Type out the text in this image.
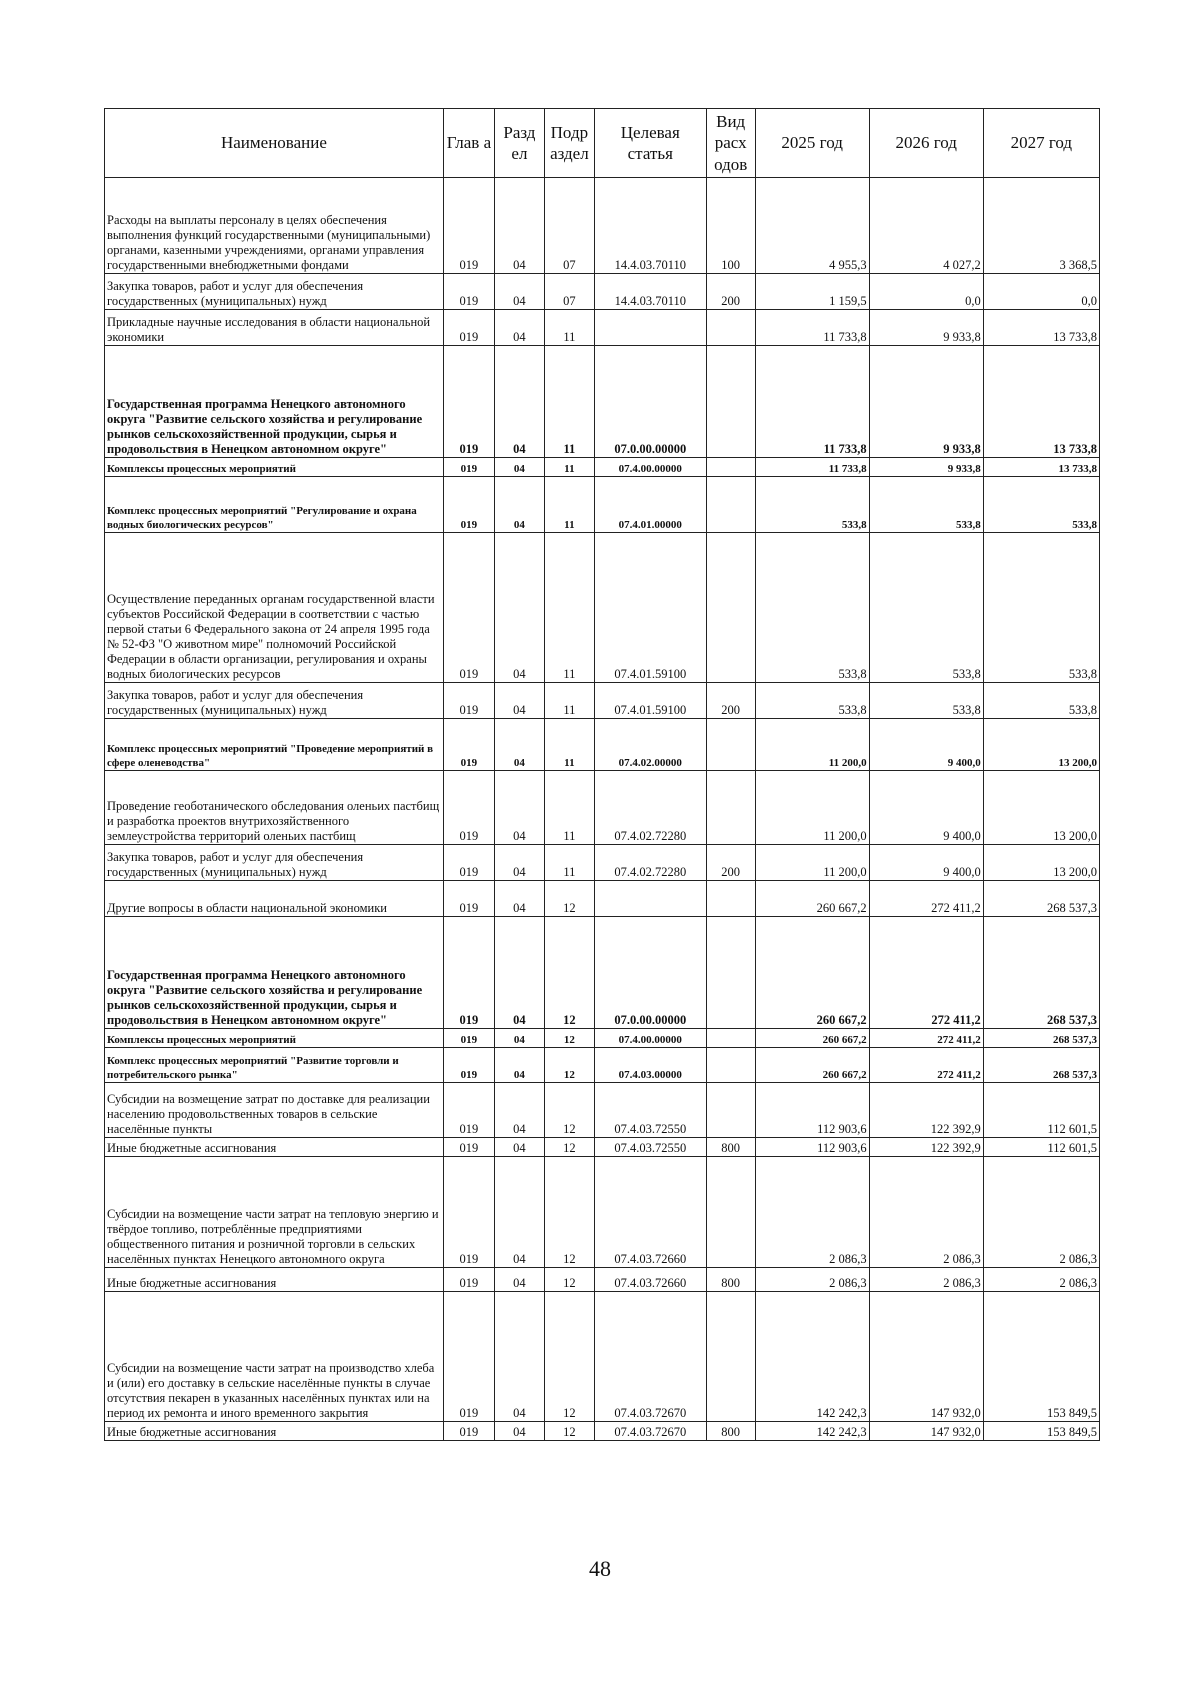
Наименование	Глав а	Разд ел	Подр аздел	Целевая статья	Вид расх одов	2025 год	2026 год	2027 год
Расходы на выплаты персоналу в целях обеспечения выполнения функций государственными (муниципальными) органами, казенными учреждениями, органами управления государственными внебюджетными фондами	019	04	07	14.4.03.70110	100	4 955,3	4 027,2	3 368,5
Закупка товаров, работ и услуг для обеспечения государственных (муниципальных) нужд	019	04	07	14.4.03.70110	200	1 159,5	0,0	0,0
Прикладные научные исследования в области национальной экономики	019	04	11			11 733,8	9 933,8	13 733,8
Государственная программа Ненецкого автономного округа "Развитие сельского хозяйства и регулирование рынков сельскохозяйственной продукции, сырья и продовольствия в Ненецком автономном округе"	019	04	11	07.0.00.00000		11 733,8	9 933,8	13 733,8
Комплексы процессных мероприятий	019	04	11	07.4.00.00000		11 733,8	9 933,8	13 733,8
Комплекс процессных мероприятий "Регулирование и охрана водных биологических ресурсов"	019	04	11	07.4.01.00000		533,8	533,8	533,8
Осуществление переданных органам государственной власти субъектов Российской Федерации в соответствии с частью первой статьи 6 Федерального закона от 24 апреля 1995 года № 52-ФЗ "О животном мире" полномочий Российской Федерации в области организации, регулирования и охраны водных биологических ресурсов	019	04	11	07.4.01.59100		533,8	533,8	533,8
Закупка товаров, работ и услуг для обеспечения государственных (муниципальных) нужд	019	04	11	07.4.01.59100	200	533,8	533,8	533,8
Комплекс процессных мероприятий "Проведение мероприятий в сфере оленеводства"	019	04	11	07.4.02.00000		11 200,0	9 400,0	13 200,0
Проведение геоботанического обследования оленьих пастбищ и разработка проектов внутрихозяйственного землеустройства территорий оленьих пастбищ	019	04	11	07.4.02.72280		11 200,0	9 400,0	13 200,0
Закупка товаров, работ и услуг для обеспечения государственных (муниципальных) нужд	019	04	11	07.4.02.72280	200	11 200,0	9 400,0	13 200,0
Другие вопросы в области национальной экономики	019	04	12			260 667,2	272 411,2	268 537,3
Государственная программа Ненецкого автономного округа "Развитие сельского хозяйства и регулирование рынков сельскохозяйственной продукции, сырья и продовольствия в Ненецком автономном округе"	019	04	12	07.0.00.00000		260 667,2	272 411,2	268 537,3
Комплексы процессных мероприятий	019	04	12	07.4.00.00000		260 667,2	272 411,2	268 537,3
Комплекс процессных мероприятий "Развитие торговли и потребительского рынка"	019	04	12	07.4.03.00000		260 667,2	272 411,2	268 537,3
Субсидии на возмещение затрат по доставке для реализации населению продовольственных товаров в сельские населённые пункты	019	04	12	07.4.03.72550		112 903,6	122 392,9	112 601,5
Иные бюджетные ассигнования	019	04	12	07.4.03.72550	800	112 903,6	122 392,9	112 601,5
Субсидии на возмещение части затрат на тепловую энергию и твёрдое топливо, потреблённые предприятиями общественного питания и розничной торговли в сельских населённых пунктах Ненецкого автономного округа	019	04	12	07.4.03.72660		2 086,3	2 086,3	2 086,3
Иные бюджетные ассигнования	019	04	12	07.4.03.72660	800	2 086,3	2 086,3	2 086,3
Субсидии на возмещение части затрат на производство хлеба и (или) его доставку в сельские населённые пункты в случае отсутствия пекарен в указанных населённых пунктах или на период их ремонта и иного временного закрытия	019	04	12	07.4.03.72670		142 242,3	147 932,0	153 849,5
Иные бюджетные ассигнования	019	04	12	07.4.03.72670	800	142 242,3	147 932,0	153 849,5
48
